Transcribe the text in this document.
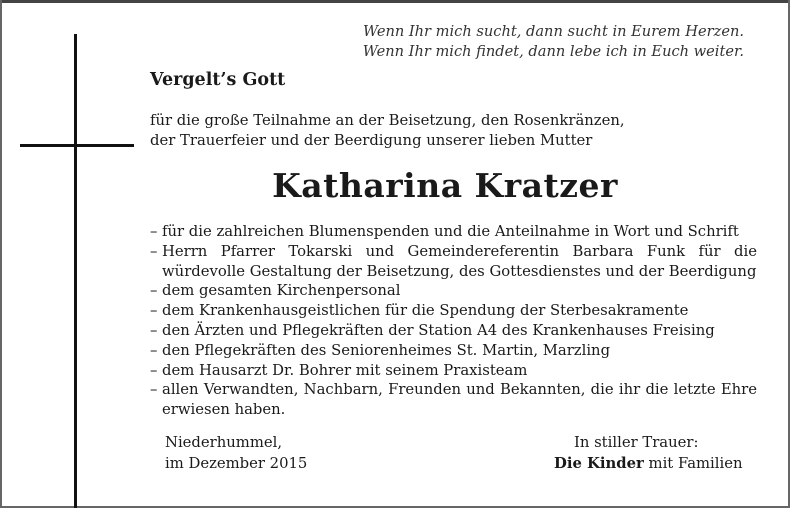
Wenn Ihr mich sucht, dann sucht in Eurem Herzen.
Wenn Ihr mich findet, dann lebe ich in Euch weiter.
Vergelt’s Gott
für die große Teilnahme an der Beisetzung, den Rosenkränzen,
der Trauerfeier und der Beerdigung unserer lieben Mutter
Katharina Kratzer
– für die zahlreichen Blumenspenden und die Anteilnahme in Wort und Schrift
– Herrn Pfarrer Tokarski und Gemeindereferentin Barbara Funk für die würdevolle Gestaltung der Beisetzung, des Gottesdienstes und der Beerdigung
– dem gesamten Kirchenpersonal
– dem Krankenhausgeistlichen für die Spendung der Sterbesakramente
– den Ärzten und Pflegekräften der Station A4 des Krankenhauses Freising
– den Pflegekräften des Seniorenheimes St. Martin, Marzling
– dem Hausarzt Dr. Bohrer mit seinem Praxisteam
– allen Verwandten, Nachbarn, Freunden und Bekannten, die ihr die letzte Ehre erwiesen haben.
Niederhummel,
im Dezember 2015
In stiller Trauer:
Die Kinder mit Familien
